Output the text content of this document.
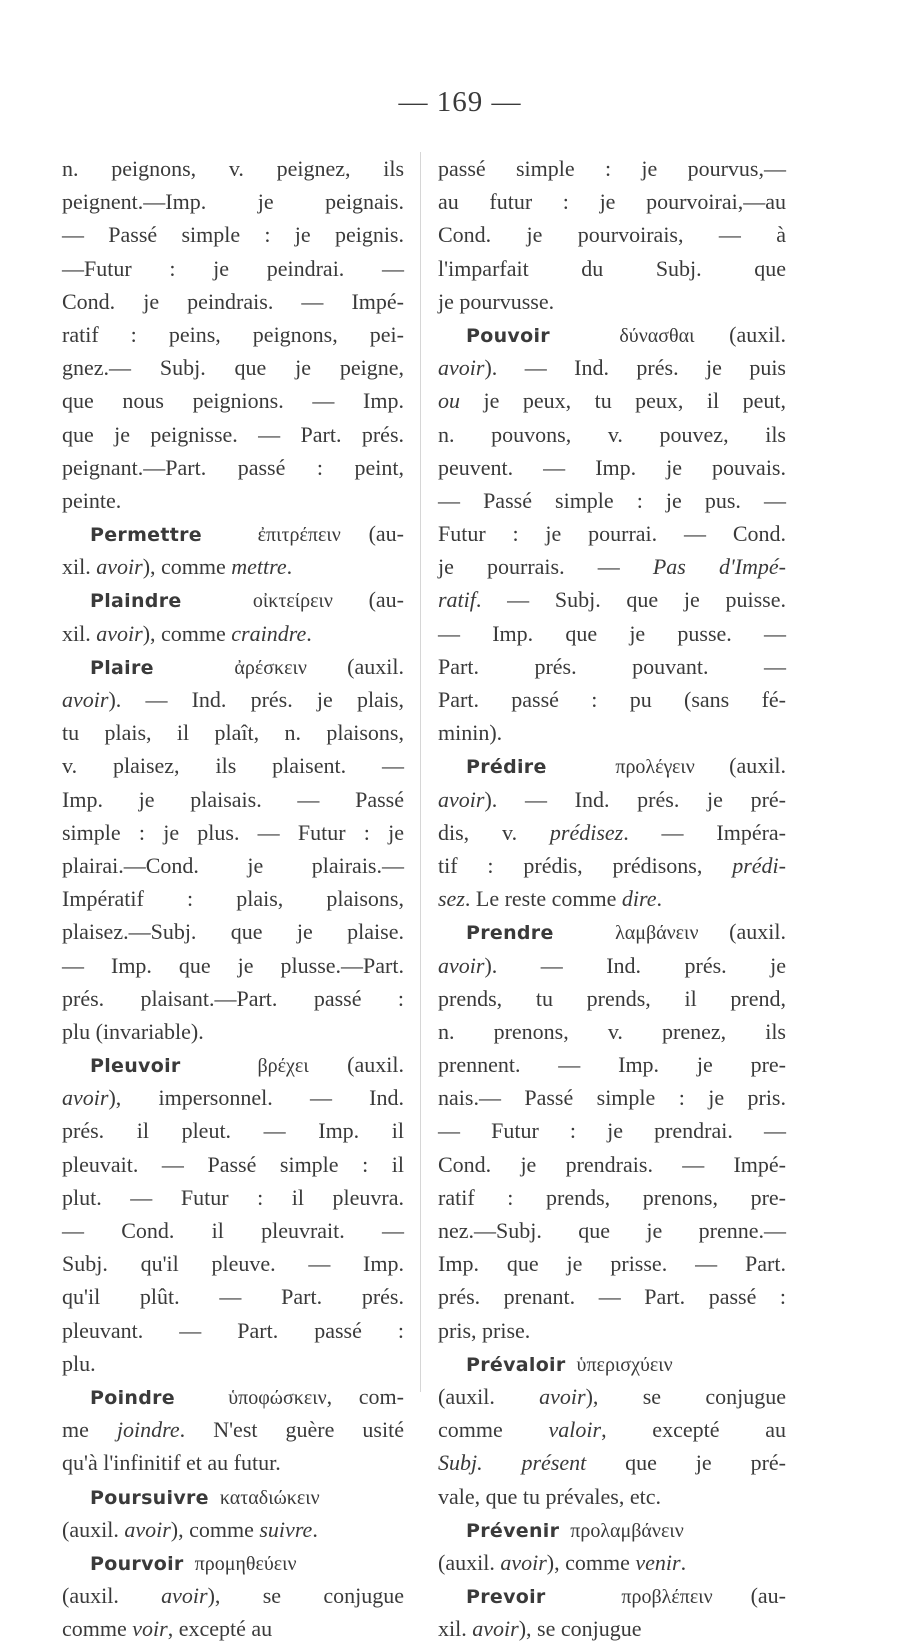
— 169 —
n. peignons, v. peignez, ils
peignent.—Imp. je peignais.
— Passé simple : je peignis.
—Futur : je peindrai. —
Cond. je peindrais. — Impé-
ratif : peins, peignons, pei-
gnez.— Subj. que je peigne,
que nous peignions. — Imp.
que je peignisse. — Part. prés.
peignant.—Part. passé : peint,
peinte.
Permettre	ἐπιτρέπειν (au-
xil. avoir), comme mettre.
Plaindre	οἰκτείρειν (au-
xil. avoir), comme craindre.
Plaire	ἀρέσκειν (auxil.
avoir). — Ind. prés. je plais,
tu plais, il plaît, n. plaisons,
v. plaisez, ils plaisent. —
Imp. je plaisais. — Passé
simple : je plus. — Futur : je
plairai.—Cond. je plairais.—
Impératif : plais, plaisons,
plaisez.—Subj. que je plaise.
— Imp. que je plusse.—Part.
prés. plaisant.—Part. passé :
plu (invariable).
Pleuvoir	βρέχει (auxil.
avoir), impersonnel. — Ind.
prés. il pleut. — Imp. il
pleuvait. — Passé simple : il
plut. — Futur : il pleuvra.
— Cond. il pleuvrait. —
Subj. qu'il pleuve. — Imp.
qu'il plût. — Part. prés.
pleuvant. — Part. passé :
plu.
Poindre	ὑποφώσκειν, com-
me joindre. N'est guère usité
qu'à l'infinitif et au futur.
Poursuivre καταδιώκειν
(auxil. avoir), comme suivre.
Pourvoir προμηθεύειν
(auxil. avoir), se conjugue
comme voir, excepté au
passé simple : je pourvus,—
au futur : je pourvoirai,—au
Cond. je pourvoirais, — à
l'imparfait du Subj. que
je pourvusse.
Pouvoir	δύνασθαι (auxil.
avoir). — Ind. prés. je puis
ou je peux, tu peux, il peut,
n. pouvons, v. pouvez, ils
peuvent. — Imp. je pouvais.
— Passé simple : je pus. —
Futur : je pourrai. — Cond.
je pourrais. — Pas d'Impé-
ratif. — Subj. que je puisse.
— Imp. que je pusse. —
Part. prés. pouvant. —
Part. passé : pu (sans fé-
minin).
Prédire	προλέγειν (auxil.
avoir). — Ind. prés. je pré-
dis, v. prédisez. — Impéra-
tif : prédis, prédisons, prédi-
sez. Le reste comme dire.
Prendre	λαμβάνειν (auxil.
avoir). — Ind. prés. je
prends, tu prends, il prend,
n. prenons, v. prenez, ils
prennent. — Imp. je pre-
nais.— Passé simple : je pris.
— Futur : je prendrai. —
Cond. je prendrais. — Impé-
ratif : prends, prenons, pre-
nez.—Subj. que je prenne.—
Imp. que je prisse. — Part.
prés. prenant. — Part. passé :
pris, prise.
Prévaloir ὑπερισχύειν
(auxil. avoir), se conjugue
comme valoir, excepté au
Subj. présent que je pré-
vale, que tu prévales, etc.
Prévenir προλαμβάνειν
(auxil. avoir), comme venir.
Prevoir	προβλέπειν (au-
xil. avoir), se conjugue
